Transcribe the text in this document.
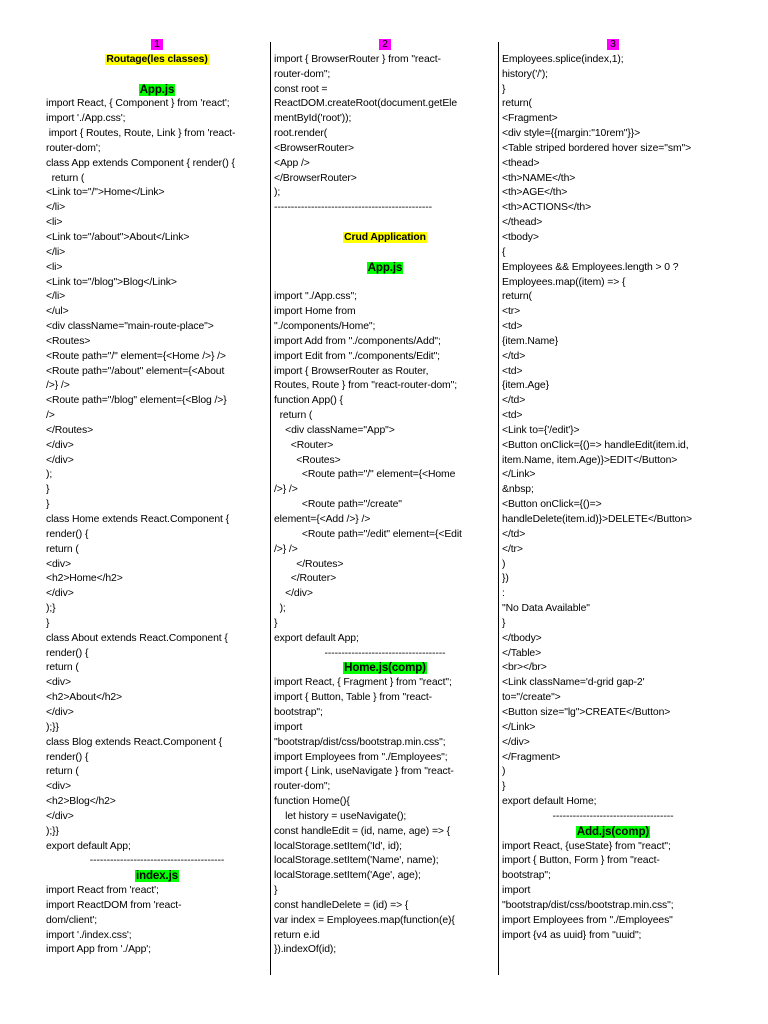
1
Routage(les classes)
App.js
import React, { Component } from 'react';
import './App.css';
import { Routes, Route, Link } from 'react-
router-dom';
class App extends Component { render() {
return (
<Link to="/">Home</Link>
</li>
<li>
<Link to="/about">About</Link>
</li>
<li>
<Link to="/blog">Blog</Link>
</li>
</ul>
<div className="main-route-place">
<Routes>
<Route path="/" element={<Home />} />
<Route path="/about" element={<About
/>} />
<Route path="/blog" element={<Blog />}
/>
</Routes>
</div>
</div>
);
}
}
class Home extends React.Component {
render() {
return (
<div>
<h2>Home</h2>
</div>
);}
}
class About extends React.Component {
render() {
return (
<div>
<h2>About</h2>
</div>
);}}
class Blog extends React.Component {
render() {
return (
<div>
<h2>Blog</h2>
</div>
);}}
export default App;
----------------------------------------
index.js
import React from 'react';
import ReactDOM from 'react-
dom/client';
import './index.css';
import App from './App';
2
import { BrowserRouter } from "react-
router-dom";
const root =
ReactDOM.createRoot(document.getEle
mentById('root'));
root.render(
<BrowserRouter>
<App />
</BrowserRouter>
);
-----------------------------------------------
Crud Application
App.js
import "./App.css";
import Home from
"./components/Home";
import Add from "./components/Add";
import Edit from "./components/Edit";
import { BrowserRouter as Router,
Routes, Route } from "react-router-dom";
function App() {
return (
<div className="App">
<Router>
<Routes>
<Route path="/" element={<Home
/>} />
<Route path="/create"
element={<Add />} />
<Route path="/edit" element={<Edit
/>} />
</Routes>
</Router>
</div>
);
}
export default App;
------------------------------------
Home.js(comp)
import React, { Fragment } from "react";
import { Button, Table } from "react-
bootstrap";
import
"bootstrap/dist/css/bootstrap.min.css";
import Employees from "./Employees";
import { Link, useNavigate } from "react-
router-dom";
function Home(){
let history = useNavigate();
const handleEdit = (id, name, age) => {
localStorage.setItem('Id', id);
localStorage.setItem('Name', name);
localStorage.setItem('Age', age);
}
const handleDelete = (id) => {
var index = Employees.map(function(e){
return e.id
}).indexOf(id);
3
Employees.splice(index,1);
history('/');
}
return(
<Fragment>
<div style={{margin:"10rem"}}>
<Table striped bordered hover size="sm">
<thead>
<th>NAME</th>
<th>AGE</th>
<th>ACTIONS</th>
</thead>
<tbody>
{
Employees && Employees.length > 0 ?
Employees.map((item) => {
return(
<tr>
<td>
{item.Name}
</td>
<td>
{item.Age}
</td>
<td>
<Link to={'/edit'}>
<Button onClick={()=> handleEdit(item.id,
item.Name, item.Age)}>EDIT</Button>
</Link>
&nbsp;
<Button onClick={()=>
handleDelete(item.id)}>DELETE</Button>
</td>
</tr>
)
})
:
"No Data Available"
}
</tbody>
</Table>
<br></br>
<Link className='d-grid gap-2'
to="/create">
<Button size="lg">CREATE</Button>
</Link>
</div>
</Fragment>
)
}
export default Home;
------------------------------------
Add.js(comp)
import React, {useState} from "react";
import { Button, Form } from "react-
bootstrap";
import
"bootstrap/dist/css/bootstrap.min.css";
import Employees from "./Employees"
import {v4 as uuid} from "uuid";
